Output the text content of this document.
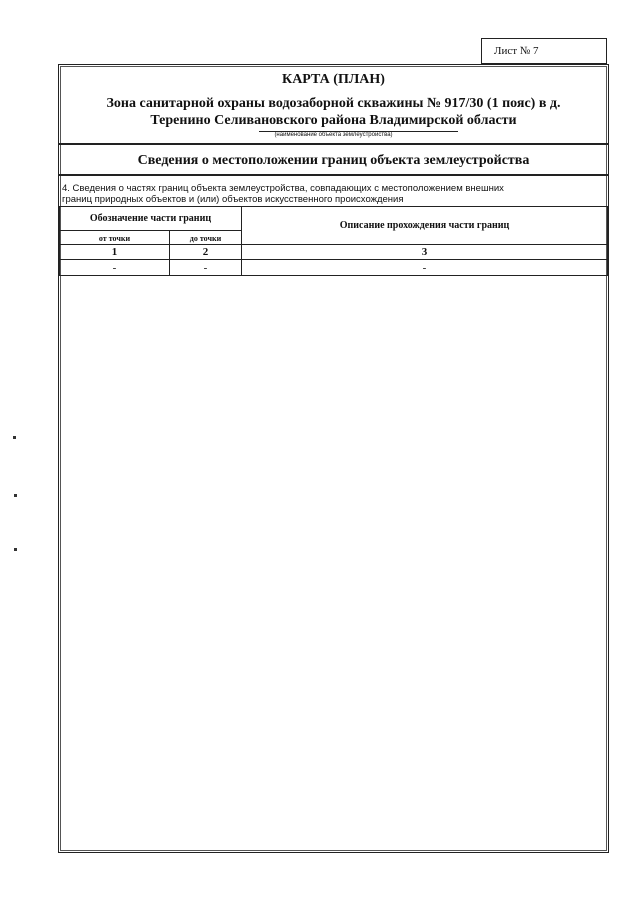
Лист № 7
КАРТА (ПЛАН)
Зона санитарной охраны водозаборной скважины № 917/30 (1 пояс) в д.
Теренино Селивановского района Владимирской области
(наименование объекта землеустройства)
Сведения о местоположении границ объекта землеустройства
4. Сведения о частях границ объекта землеустройства, совпадающих с местоположением внешних
границ природных объектов и (или) объектов искусственного происхождения
Обозначение части границ		Описание прохождения части границ

от точки	до точки	

1	2	3
-	-	-
